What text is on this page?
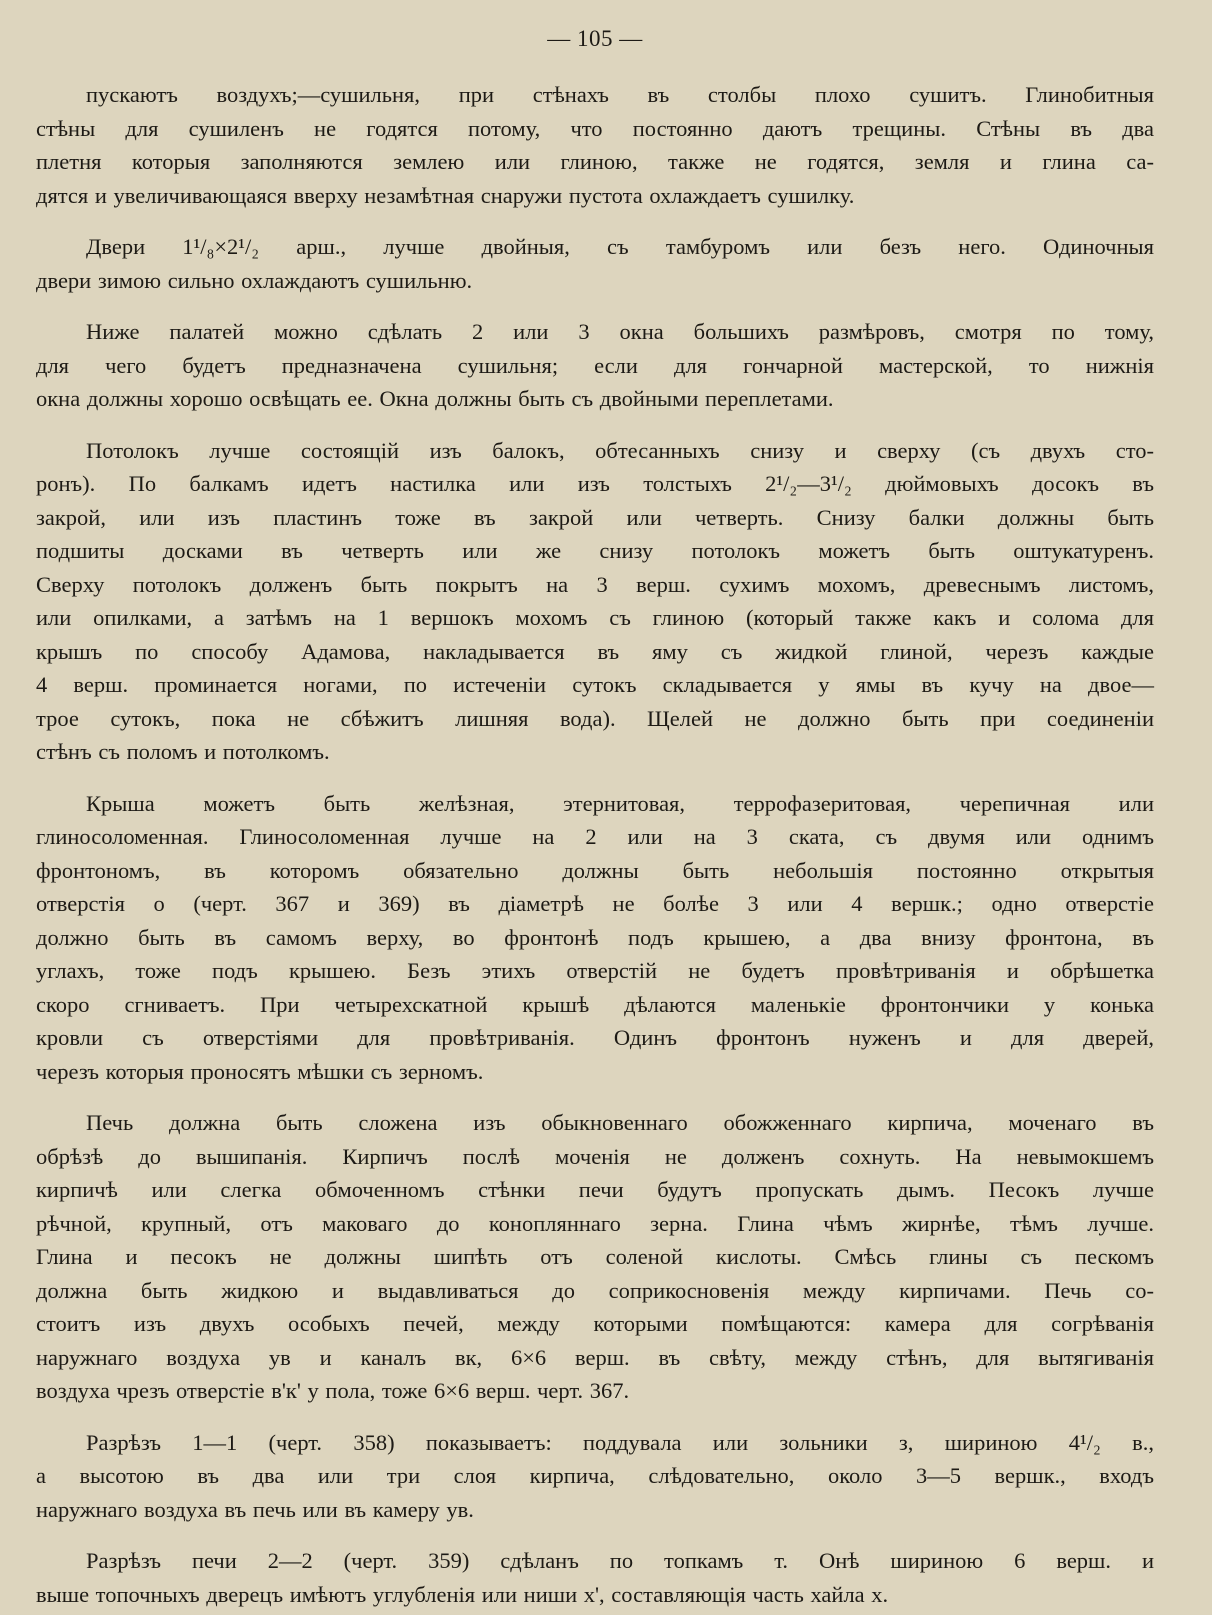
— 105 —
пускаютъ воздухъ;—сушильня, при стѣнахъ въ столбы плохо сушитъ. Глинобитныя
стѣны для сушиленъ не годятся потому, что постоянно даютъ трещины. Стѣны въ два
плетня которыя заполняются землею или глиною, также не годятся, земля и глина са-
дятся и увеличивающаяся вверху незамѣтная снаружи пустота охлаждаетъ сушилку.
Двери 1¹/₈×2¹/₂ арш., лучше двойныя, съ тамбуромъ или безъ него. Одиночныя
двери зимою сильно охлаждаютъ сушильню.
Ниже палатей можно сдѣлать 2 или 3 окна большихъ размѣровъ, смотря по тому,
для чего будетъ предназначена сушильня; если для гончарной мастерской, то нижнія
окна должны хорошо освѣщать ее. Окна должны быть съ двойными переплетами.
Потолокъ лучше состоящій изъ балокъ, обтесанныхъ снизу и сверху (съ двухъ сто-
ронъ). По балкамъ идетъ настилка или изъ толстыхъ 2¹/₂—3¹/₂ дюймовыхъ досокъ въ
закрой, или изъ пластинъ тоже въ закрой или четверть. Снизу балки должны быть
подшиты досками въ четверть или же снизу потолокъ можетъ быть оштукатуренъ.
Сверху потолокъ долженъ быть покрытъ на 3 верш. сухимъ мохомъ, древеснымъ листомъ,
или опилками, а затѣмъ на 1 вершокъ мохомъ съ глиною (который также какъ и солома для
крышъ по способу Адамова, накладывается въ яму съ жидкой глиной, черезъ каждые
4 верш. проминается ногами, по истеченіи сутокъ складывается у ямы въ кучу на двое—
трое сутокъ, пока не сбѣжитъ лишняя вода). Щелей не должно быть при соединеніи
стѣнъ съ поломъ и потолкомъ.
Крыша можетъ быть желѣзная, этернитовая, террофазеритовая, черепичная или
глиносоломенная. Глиносоломенная лучше на 2 или на 3 ската, съ двумя или однимъ
фронтономъ, въ которомъ обязательно должны быть небольшія постоянно открытыя
отверстія о (черт. 367 и 369) въ діаметрѣ не болѣе 3 или 4 вершк.; одно отверстіе
должно быть въ самомъ верху, во фронтонѣ подъ крышею, а два внизу фронтона, въ
углахъ, тоже подъ крышею. Безъ этихъ отверстій не будетъ провѣтриванія и обрѣшетка
скоро сгниваетъ. При четырехскатной крышѣ дѣлаются маленькіе фронтончики у конька
кровли съ отверстіями для провѣтриванія. Одинъ фронтонъ нуженъ и для дверей,
черезъ которыя проносятъ мѣшки съ зерномъ.
Печь должна быть сложена изъ обыкновеннаго обожженнаго кирпича, моченаго въ
обрѣзѣ до вышипанія. Кирпичъ послѣ моченія не долженъ сохнуть. На невымокшемъ
кирпичѣ или слегка обмоченномъ стѣнки печи будутъ пропускать дымъ. Песокъ лучше
рѣчной, крупный, отъ маковаго до конопляннаго зерна. Глина чѣмъ жирнѣе, тѣмъ лучше.
Глина и песокъ не должны шипѣть отъ соленой кислоты. Смѣсь глины съ пескомъ
должна быть жидкою и выдавливаться до соприкосновенія между кирпичами. Печь со-
стоитъ изъ двухъ особыхъ печей, между которыми помѣщаются: камера для согрѣванія
наружнаго воздуха ув и каналъ вк, 6×6 верш. въ свѣту, между стѣнъ, для вытягиванія
воздуха чрезъ отверстіе в'к' у пола, тоже 6×6 верш. черт. 367.
Разрѣзъ 1—1 (черт. 358) показываетъ: поддувала или зольники з, шириною 4¹/₂ в.,
а высотою въ два или три слоя кирпича, слѣдовательно, около 3—5 вершк., входъ
наружнаго воздуха въ печь или въ камеру ув.
Разрѣзъ печи 2—2 (черт. 359) сдѣланъ по топкамъ т. Онѣ шириною 6 верш. и
выше топочныхъ дверецъ имѣютъ углубленія или ниши х', составляющія часть хайла х.
